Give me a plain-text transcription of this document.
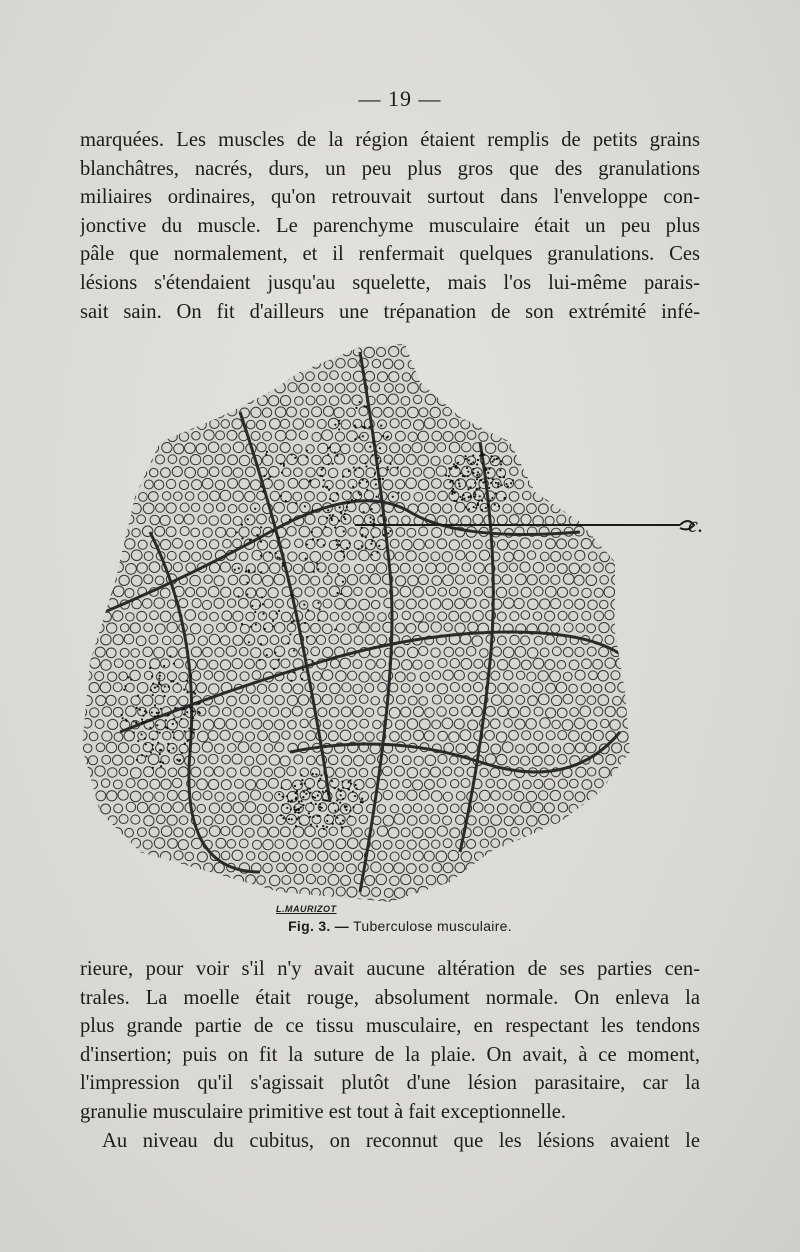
— 19 —
marquées. Les muscles de la région étaient remplis de petits grains
blanchâtres, nacrés, durs, un peu plus gros que des granulations
miliaires ordinaires, qu'on retrouvait surtout dans l'enveloppe con-
jonctive du muscle. Le parenchyme musculaire était un peu plus
pâle que normalement, et il renfermait quelques granulations. Ces
lésions s'étendaient jusqu'au squelette, mais l'os lui-même parais-
sait sain. On fit d'ailleurs une trépanation de son extrémité infé-
c.
L.MAURIZOT
Fig. 3. — Tuberculose musculaire.
rieure, pour voir s'il n'y avait aucune altération de ses parties cen-
trales. La moelle était rouge, absolument normale. On enleva la
plus grande partie de ce tissu musculaire, en respectant les tendons
d'insertion; puis on fit la suture de la plaie. On avait, à ce moment,
l'impression qu'il s'agissait plutôt d'une lésion parasitaire, car la
granulie musculaire primitive est tout à fait exceptionnelle.
Au niveau du cubitus, on reconnut que les lésions avaient le
